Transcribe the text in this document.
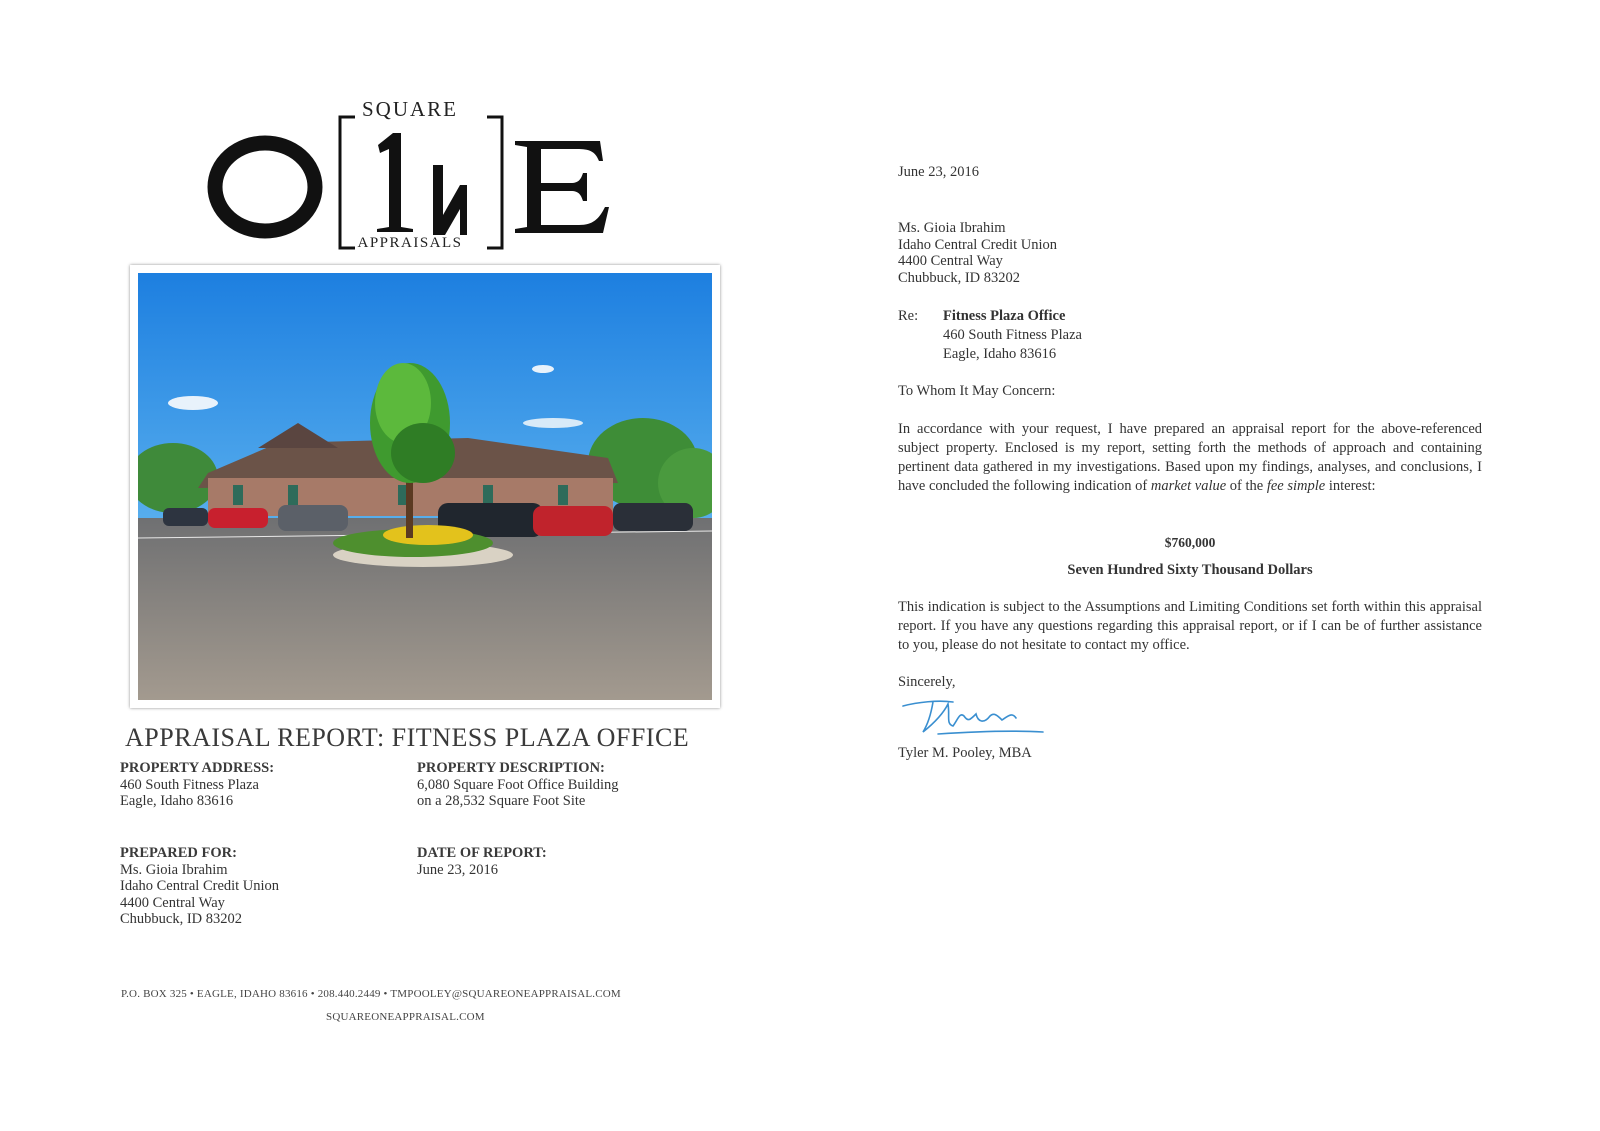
SQUARE
APPRAISALS
APPRAISAL REPORT: FITNESS PLAZA OFFICE
PROPERTY ADDRESS:
460 South Fitness Plaza
Eagle, Idaho 83616
PROPERTY DESCRIPTION:
6,080 Square Foot Office Building
on a 28,532 Square Foot Site
PREPARED FOR:
Ms. Gioia Ibrahim
Idaho Central Credit Union
4400 Central Way
Chubbuck, ID 83202
DATE OF REPORT:
June 23, 2016
P.O. BOX 325 • EAGLE, IDAHO 83616 • 208.440.2449 • TMPOOLEY@SQUAREONEAPPRAISAL.COM
SQUAREONEAPPRAISAL.COM
June 23, 2016
Ms. Gioia Ibrahim
Idaho Central Credit Union
4400 Central Way
Chubbuck, ID 83202
Re: Fitness Plaza Office
460 South Fitness Plaza
Eagle, Idaho 83616
To Whom It May Concern:
In accordance with your request, I have prepared an appraisal report for the above-referenced subject property. Enclosed is my report, setting forth the methods of approach and containing pertinent data gathered in my investigations. Based upon my findings, analyses, and conclusions, I have concluded the following indication of market value of the fee simple interest:
$760,000
Seven Hundred Sixty Thousand Dollars
This indication is subject to the Assumptions and Limiting Conditions set forth within this appraisal report. If you have any questions regarding this appraisal report, or if I can be of further assistance to you, please do not hesitate to contact my office.
Sincerely,
Tyler M. Pooley, MBA
